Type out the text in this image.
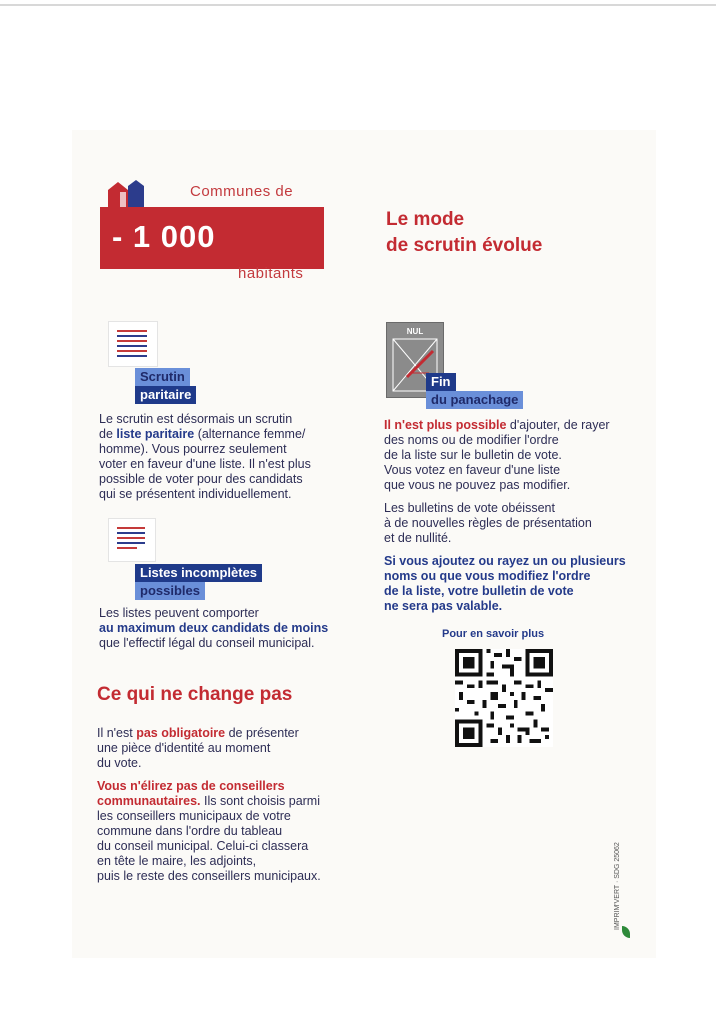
Communes de
- 1 000
habitants
Le mode
de scrutin évolue
Scrutin
paritaire
Le scrutin est désormais un scrutin
de liste paritaire (alternance femme/
homme). Vous pourrez seulement
voter en faveur d'une liste. Il n'est plus
possible de voter pour des candidats
qui se présentent individuellement.
Listes incomplètes
possibles
Les listes peuvent comporter
au maximum deux candidats de moins
que l'effectif légal du conseil municipal.
Ce qui ne change pas

Il n'est pas obligatoire de présenter
une pièce d'identité au moment
du vote.

Vous n'élirez pas de conseillers
communautaires. Ils sont choisis parmi
les conseillers municipaux de votre
commune dans l'ordre du tableau
du conseil municipal. Celui-ci classera
en tête le maire, les adjoints,
puis le reste des conseillers municipaux.

NUL
Fin
du panachage

Il n'est plus possible d'ajouter, de rayer
des noms ou de modifier l'ordre
de la liste sur le bulletin de vote.
Vous votez en faveur d'une liste
que vous ne pouvez pas modifier.

Les bulletins de vote obéissent
à de nouvelles règles de présentation
et de nullité.

Si vous ajoutez ou rayez un ou plusieurs
noms ou que vous modifiez l'ordre
de la liste, votre bulletin de vote
ne sera pas valable.

Pour en savoir plus
IMPRIM'VERT · SDG 25062
